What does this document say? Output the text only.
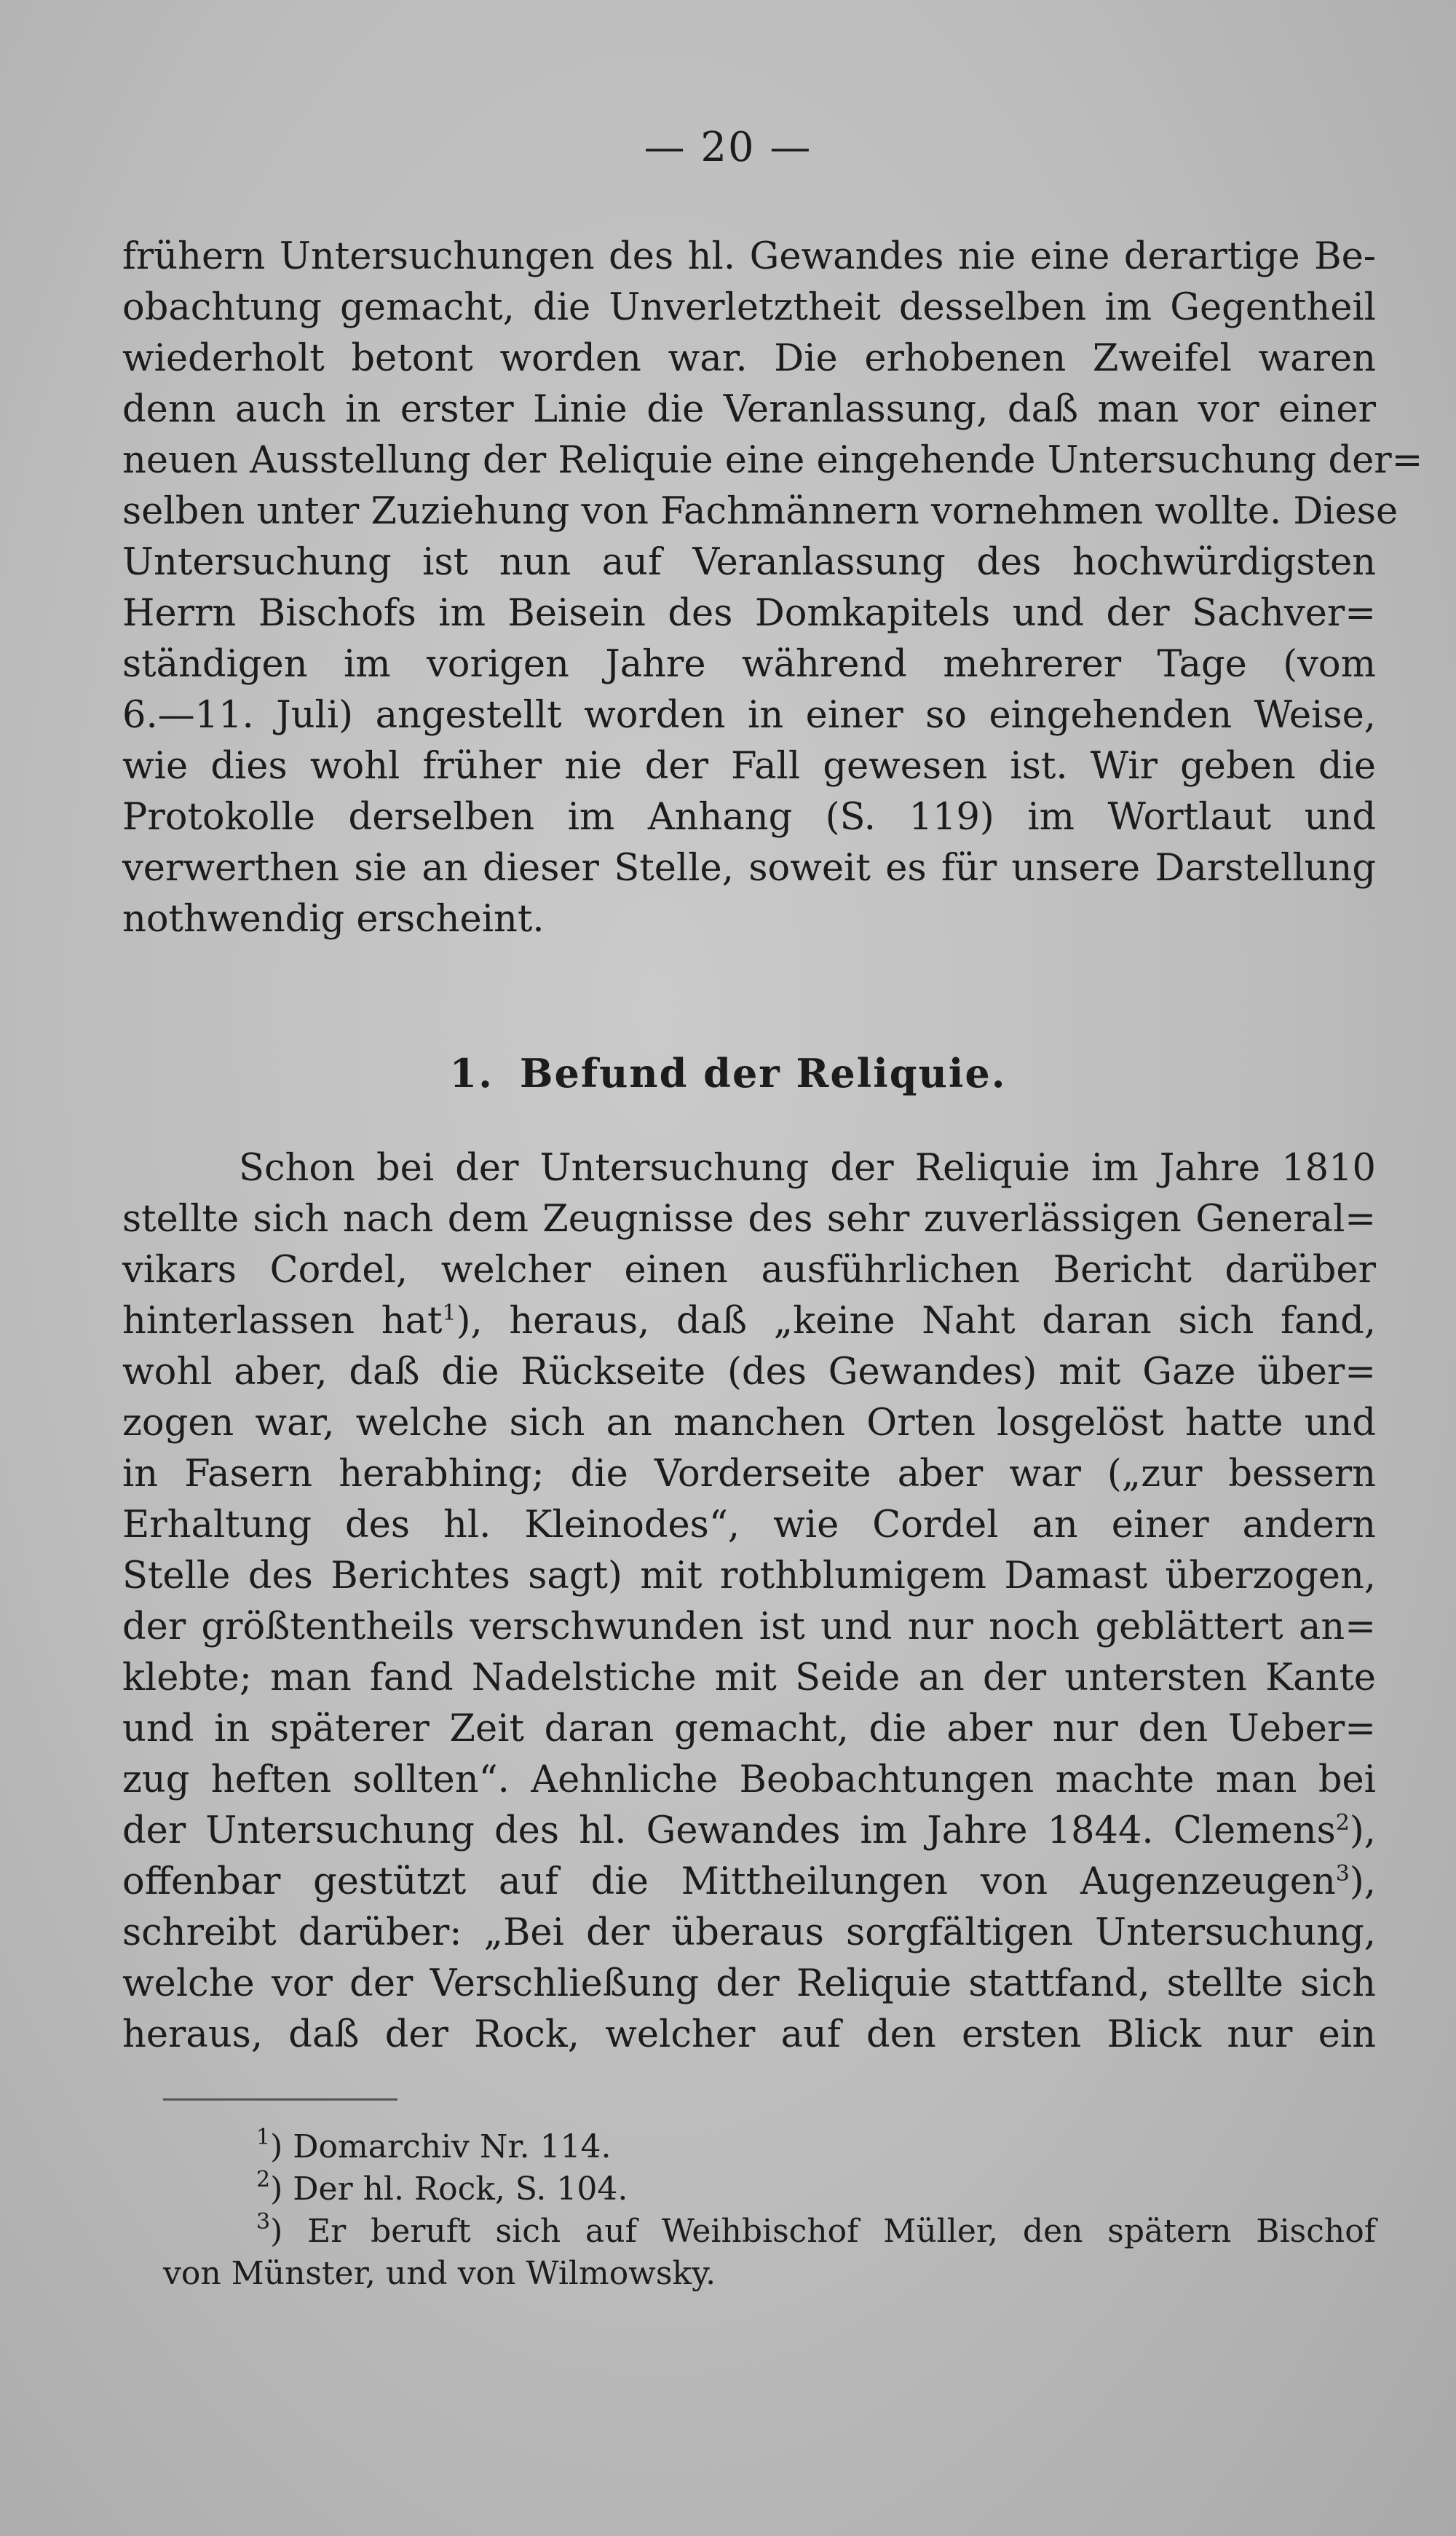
— 20 —
frühern Untersuchungen des hl. Gewandes nie eine derartige Be-
obachtung gemacht, die Unverletztheit desselben im Gegentheil
wiederholt betont worden war. Die erhobenen Zweifel waren
denn auch in erster Linie die Veranlassung, daß man vor einer
neuen Ausstellung der Reliquie eine eingehende Untersuchung der=
selben unter Zuziehung von Fachmännern vornehmen wollte. Diese
Untersuchung ist nun auf Veranlassung des hochwürdigsten
Herrn Bischofs im Beisein des Domkapitels und der Sachver=
ständigen im vorigen Jahre während mehrerer Tage (vom
6.—11. Juli) angestellt worden in einer so eingehenden Weise,
wie dies wohl früher nie der Fall gewesen ist. Wir geben die
Protokolle derselben im Anhang (S. 119) im Wortlaut und
verwerthen sie an dieser Stelle, soweit es für unsere Darstellung
nothwendig erscheint.
1. Befund der Reliquie.
Schon bei der Untersuchung der Reliquie im Jahre 1810
stellte sich nach dem Zeugnisse des sehr zuverlässigen General=
vikars Cordel, welcher einen ausführlichen Bericht darüber
hinterlassen hat$^1$), heraus, daß „keine Naht daran sich fand,
wohl aber, daß die Rückseite (des Gewandes) mit Gaze über=
zogen war, welche sich an manchen Orten losgelöst hatte und
in Fasern herabhing; die Vorderseite aber war („zur bessern
Erhaltung des hl. Kleinodes“, wie Cordel an einer andern
Stelle des Berichtes sagt) mit rothblumigem Damast überzogen,
der größtentheils verschwunden ist und nur noch geblättert an=
klebte; man fand Nadelstiche mit Seide an der untersten Kante
und in späterer Zeit daran gemacht, die aber nur den Ueber=
zug heften sollten“. Aehnliche Beobachtungen machte man bei
der Untersuchung des hl. Gewandes im Jahre 1844. Clemens$^2$),
offenbar gestützt auf die Mittheilungen von Augenzeugen$^3$),
schreibt darüber: „Bei der überaus sorgfältigen Untersuchung,
welche vor der Verschließung der Reliquie stattfand, stellte sich
heraus, daß der Rock, welcher auf den ersten Blick nur ein
$^1$) Domarchiv Nr. 114.
$^2$) Der hl. Rock, S. 104.
$^3$) Er beruft sich auf Weihbischof Müller, den spätern Bischof
von Münster, und von Wilmowsky.
